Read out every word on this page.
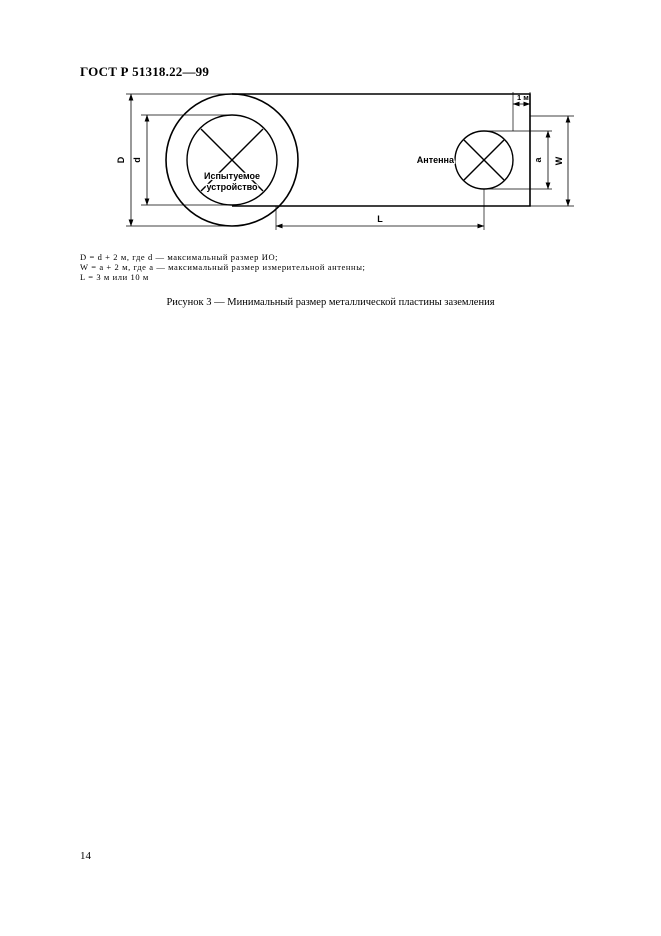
ГОСТ Р 51318.22—99
D d	a W
L
1 м
Испытуемое
устройство
Антенна
D = d + 2 м, где d — максимальный размер ИО;
W = a + 2 м, где a — максимальный размер измерительной антенны;
L = 3 м или 10 м
Рисунок 3 — Минимальный размер металлической пластины заземления
14
